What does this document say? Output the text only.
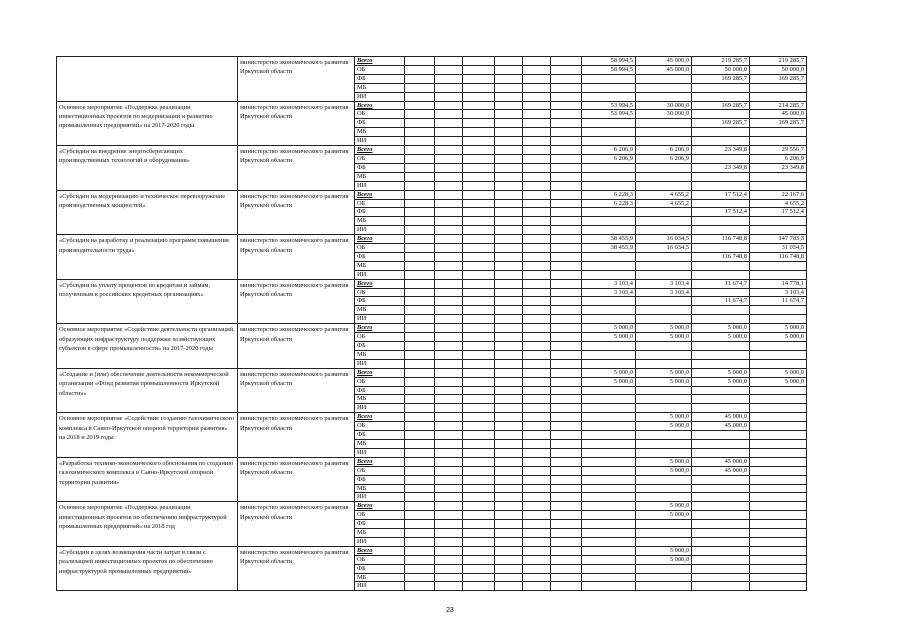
	министерство экономического развития Иркутской области	Всего							58 994,5	45 000,0	219 285,7	219 285,7
		ОБ							58 994,5	45 000,0	50 000,0	50 000,0
		ФБ									169 285,7	169 285,7
		МБ										
		ИИ										
Основное мероприятие «Поддержка реализации инвестиционных проектов по модернизации и развитию промышленных предприятий» на 2017-2020 годы	министерство экономического развития Иркутской области	Всего							53 994,5	30 000,0	169 285,7	214 285,7
		ОБ							53 994,5	30 000,0		45 000,0
		ФБ									169 285,7	169 285,7
		МБ										
		ИИ										
«Субсидии на внедрение энергосберегающих производственных технологий и оборудования»	министерство экономического развития Иркутской области	Всего							6 206,9	6 206,9	23 349,8	29 556,7
		ОБ							6 206,9	6 206,9		6 206,9
		ФБ									23 349,8	23 349,8
		МБ										
		ИИ										
«Субсидии на модернизацию и техническое перевооружение производственных мощностей»	министерство экономического развития Иркутской области	Всего							6 228,3	4 655,2	17 512,4	22 167,6
		ОБ							6 228,3	4 655,2		4 655,2
		ФБ									17 512,4	17 512,4
		МБ										
		ИИ										
«Субсидии на разработку и реализацию программ повышения производительности труда»	министерство экономического развития Иркутской области	Всего							38 455,9	16 034,5	116 748,8	147 783,3
		ОБ							38 455,9	16 034,5		31 034,5
		ФБ									116 748,8	116 748,8
		МБ										
		ИИ										
«Субсидии на уплату процентов по кредитам и займам, полученным в российских кредитных организациях»	министерство экономического развития Иркутской области	Всего							3 103,4	3 103,4	11 674,7	14 778,1
		ОБ							3 103,4	3 103,4		3 103,4
		ФБ									11 674,7	11 674,7
		МБ										
		ИИ										
Основное мероприятие «Содействие деятельности организаций, образующих инфраструктуру поддержки хозяйствующих субъектов в сфере промышленности» на 2017-2020 годы	министерство экономического развития Иркутской области	Всего							5 000,0	5 000,0	5 000,0	5 000,0
		ОБ							5 000,0	5 000,0	5 000,0	5 000,0
		ФБ										
		МБ										
		ИИ										
«Создание и (или) обеспечение деятельности некоммерческой организации «Фонд развития промышленности Иркутской области»»	министерство экономического развития Иркутской области	Всего							5 000,0	5 000,0	5 000,0	5 000,0
		ОБ							5 000,0	5 000,0	5 000,0	5 000,0
		ФБ										
		МБ										
		ИИ										
Основное мероприятие «Содействие созданию газохимического комплекса в Саяно-Иркутской опорной территории развития» на 2018 и 2019 годы	министерство экономического развития Иркутской области	Всего								5 000,0	45 000,0	
		ОБ								5 000,0	45 000,0	
		ФБ										
		МБ										
		ИИ										
«Разработка технико-экономического обоснования по созданию газохимического комплекса в Саяно-Иркутской опорной территории развития»	министерство экономического развития Иркутской области	Всего								5 000,0	45 000,0	
		ОБ								5 000,0	45 000,0	
		ФБ										
		МБ										
		ИИ										
Основное мероприятие «Поддержка реализации инвестиционных проектов по обеспечению инфраструктурой промышленных предприятий» на 2018 год	министерство экономического развития Иркутской области	Всего								5 000,0		
		ОБ								5 000,0		
		ФБ										
		МБ										
		ИИ										
«Субсидии в целях возмещения части затрат в связи с реализацией инвестиционных проектов по обеспечению инфраструктурой промышленных предприятий»	министерство экономического развития Иркутской области	Всего								5 000,0		
		ОБ								5 000,0		
		ФБ										
		МБ										
		ИИ										
23
